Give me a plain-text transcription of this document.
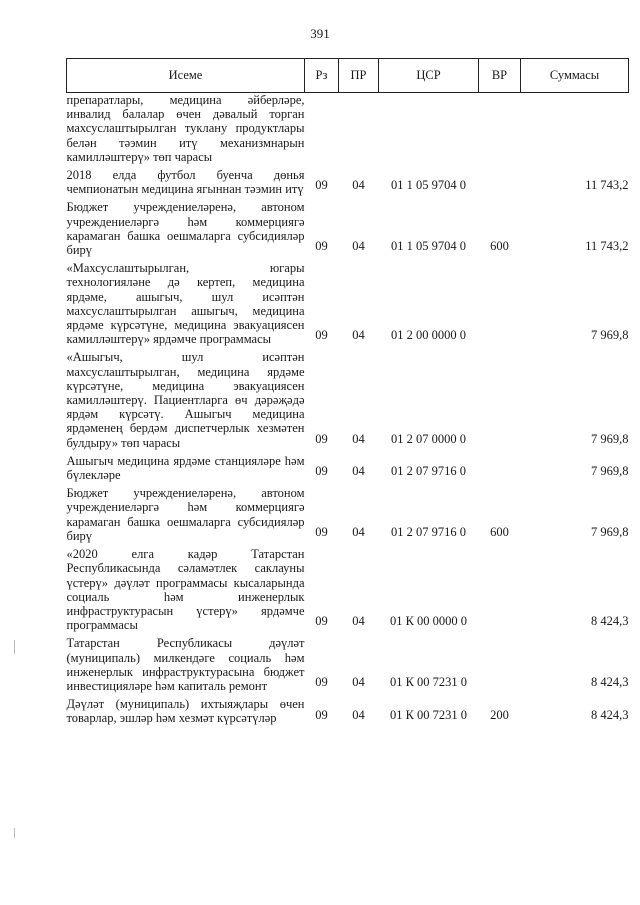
391
Исеме	Рз	ПР	ЦСР	ВР	Суммасы
препаратлары, медицина әйберләре, инвалид балалар өчен дәвалый торган махсуслаштырылган туклану продуктлары белән тәэмин итү механизмнарын камилләштерү» төп чарасы					

2018 елда футбол буенча дөнья чемпионатын медицина ягыннан тәэмин итү	09	04	01 1 05 9704 0		11 743,2

Бюджет учреждениеләренә, автоном учреждениеләргә һәм коммерциягә карамаган башка оешмаларга субсидияләр бирү	09	04	01 1 05 9704 0	600	11 743,2

«Махсуслаштырылган, югары технологияләне дә кертеп, медицина ярдәме, ашыгыч, шул исәптән махсуслаштырылган ашыгыч, медицина ярдәме күрсәтүне, медицина эвакуациясен камилләштерү» ярдәмче программасы	09	04	01 2 00 0000 0		7 969,8

«Ашыгыч, шул исәптән махсуслаштырылган, медицина ярдәме күрсәтүне, медицина эвакуациясен камилләштерү. Пациентларга өч дәрәҗәдә ярдәм күрсәтү. Ашыгыч медицина ярдәменең бердәм диспетчерлык хезмәтен булдыру» төп чарасы	09	04	01 2 07 0000 0		7 969,8

Ашыгыч медицина ярдәме станцияләре һәм бүлекләре	09	04	01 2 07 9716 0		7 969,8

Бюджет учреждениеләренә, автоном учреждениеләргә һәм коммерциягә карамаган башка оешмаларга субсидияләр бирү	09	04	01 2 07 9716 0	600	7 969,8

«2020 елга кадәр Татарстан Республикасында сәламәтлек саклауны үстерү» дәүләт программасы кысаларында социаль һәм инженерлык инфраструктурасын үстерү» ярдәмче программасы	09	04	01 К 00 0000 0		8 424,3

Татарстан Республикасы дәүләт (муниципаль) милкендәге социаль һәм инженерлык инфраструктурасына бюджет инвестицияләре һәм капиталь ремонт	09	04	01 К 00 7231 0		8 424,3

Дәүләт (муниципаль) ихтыяҗлары өчен товарлар, эшләр һәм хезмәт күрсәтүләр	09	04	01 К 00 7231 0	200	8 424,3
